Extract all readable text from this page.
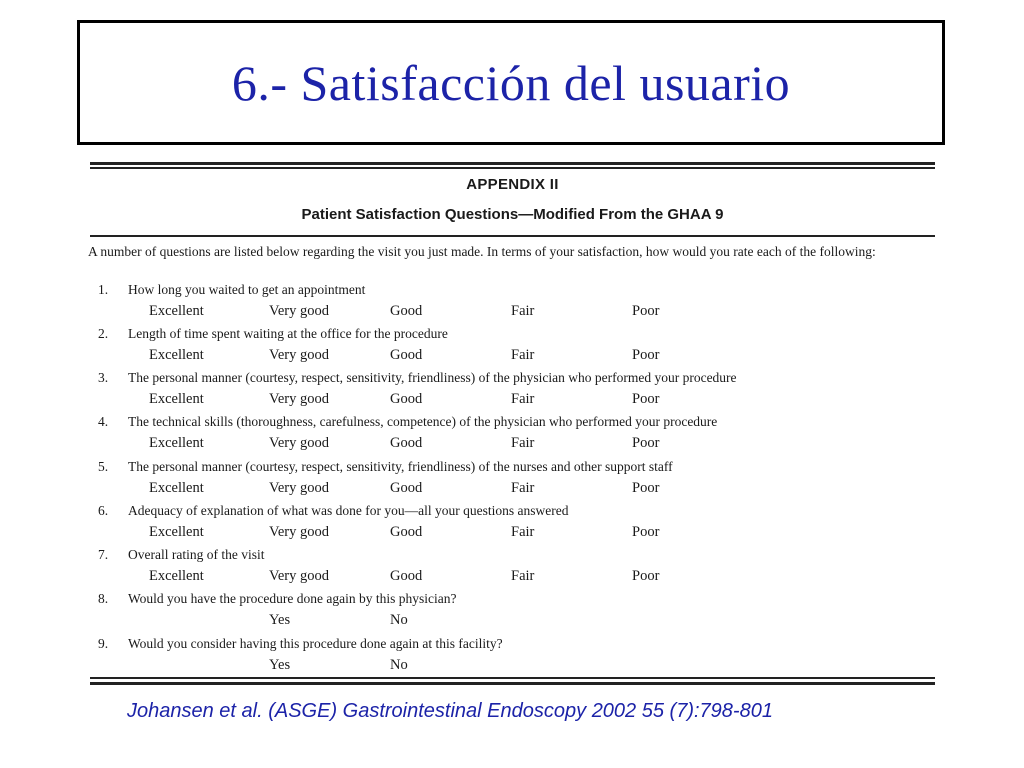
6.- Satisfacción del usuario
APPENDIX II
Patient Satisfaction Questions—Modified From the GHAA 9
A number of questions are listed below regarding the visit you just made. In terms of your satisfaction, how would you rate each of the following:
1. How long you waited to get an appointment
Excellent	Very good	Good	Fair	Poor
2. Length of time spent waiting at the office for the procedure
Excellent	Very good	Good	Fair	Poor
3. The personal manner (courtesy, respect, sensitivity, friendliness) of the physician who performed your procedure
Excellent	Very good	Good	Fair	Poor
4. The technical skills (thoroughness, carefulness, competence) of the physician who performed your procedure
Excellent	Very good	Good	Fair	Poor
5. The personal manner (courtesy, respect, sensitivity, friendliness) of the nurses and other support staff
Excellent	Very good	Good	Fair	Poor
6. Adequacy of explanation of what was done for you—all your questions answered
Excellent	Very good	Good	Fair	Poor
7. Overall rating of the visit
Excellent	Very good	Good	Fair	Poor
8. Would you have the procedure done again by this physician?
Yes	No
9. Would you consider having this procedure done again at this facility?
Yes	No
Johansen et al. (ASGE) Gastrointestinal Endoscopy 2002 55 (7):798-801
